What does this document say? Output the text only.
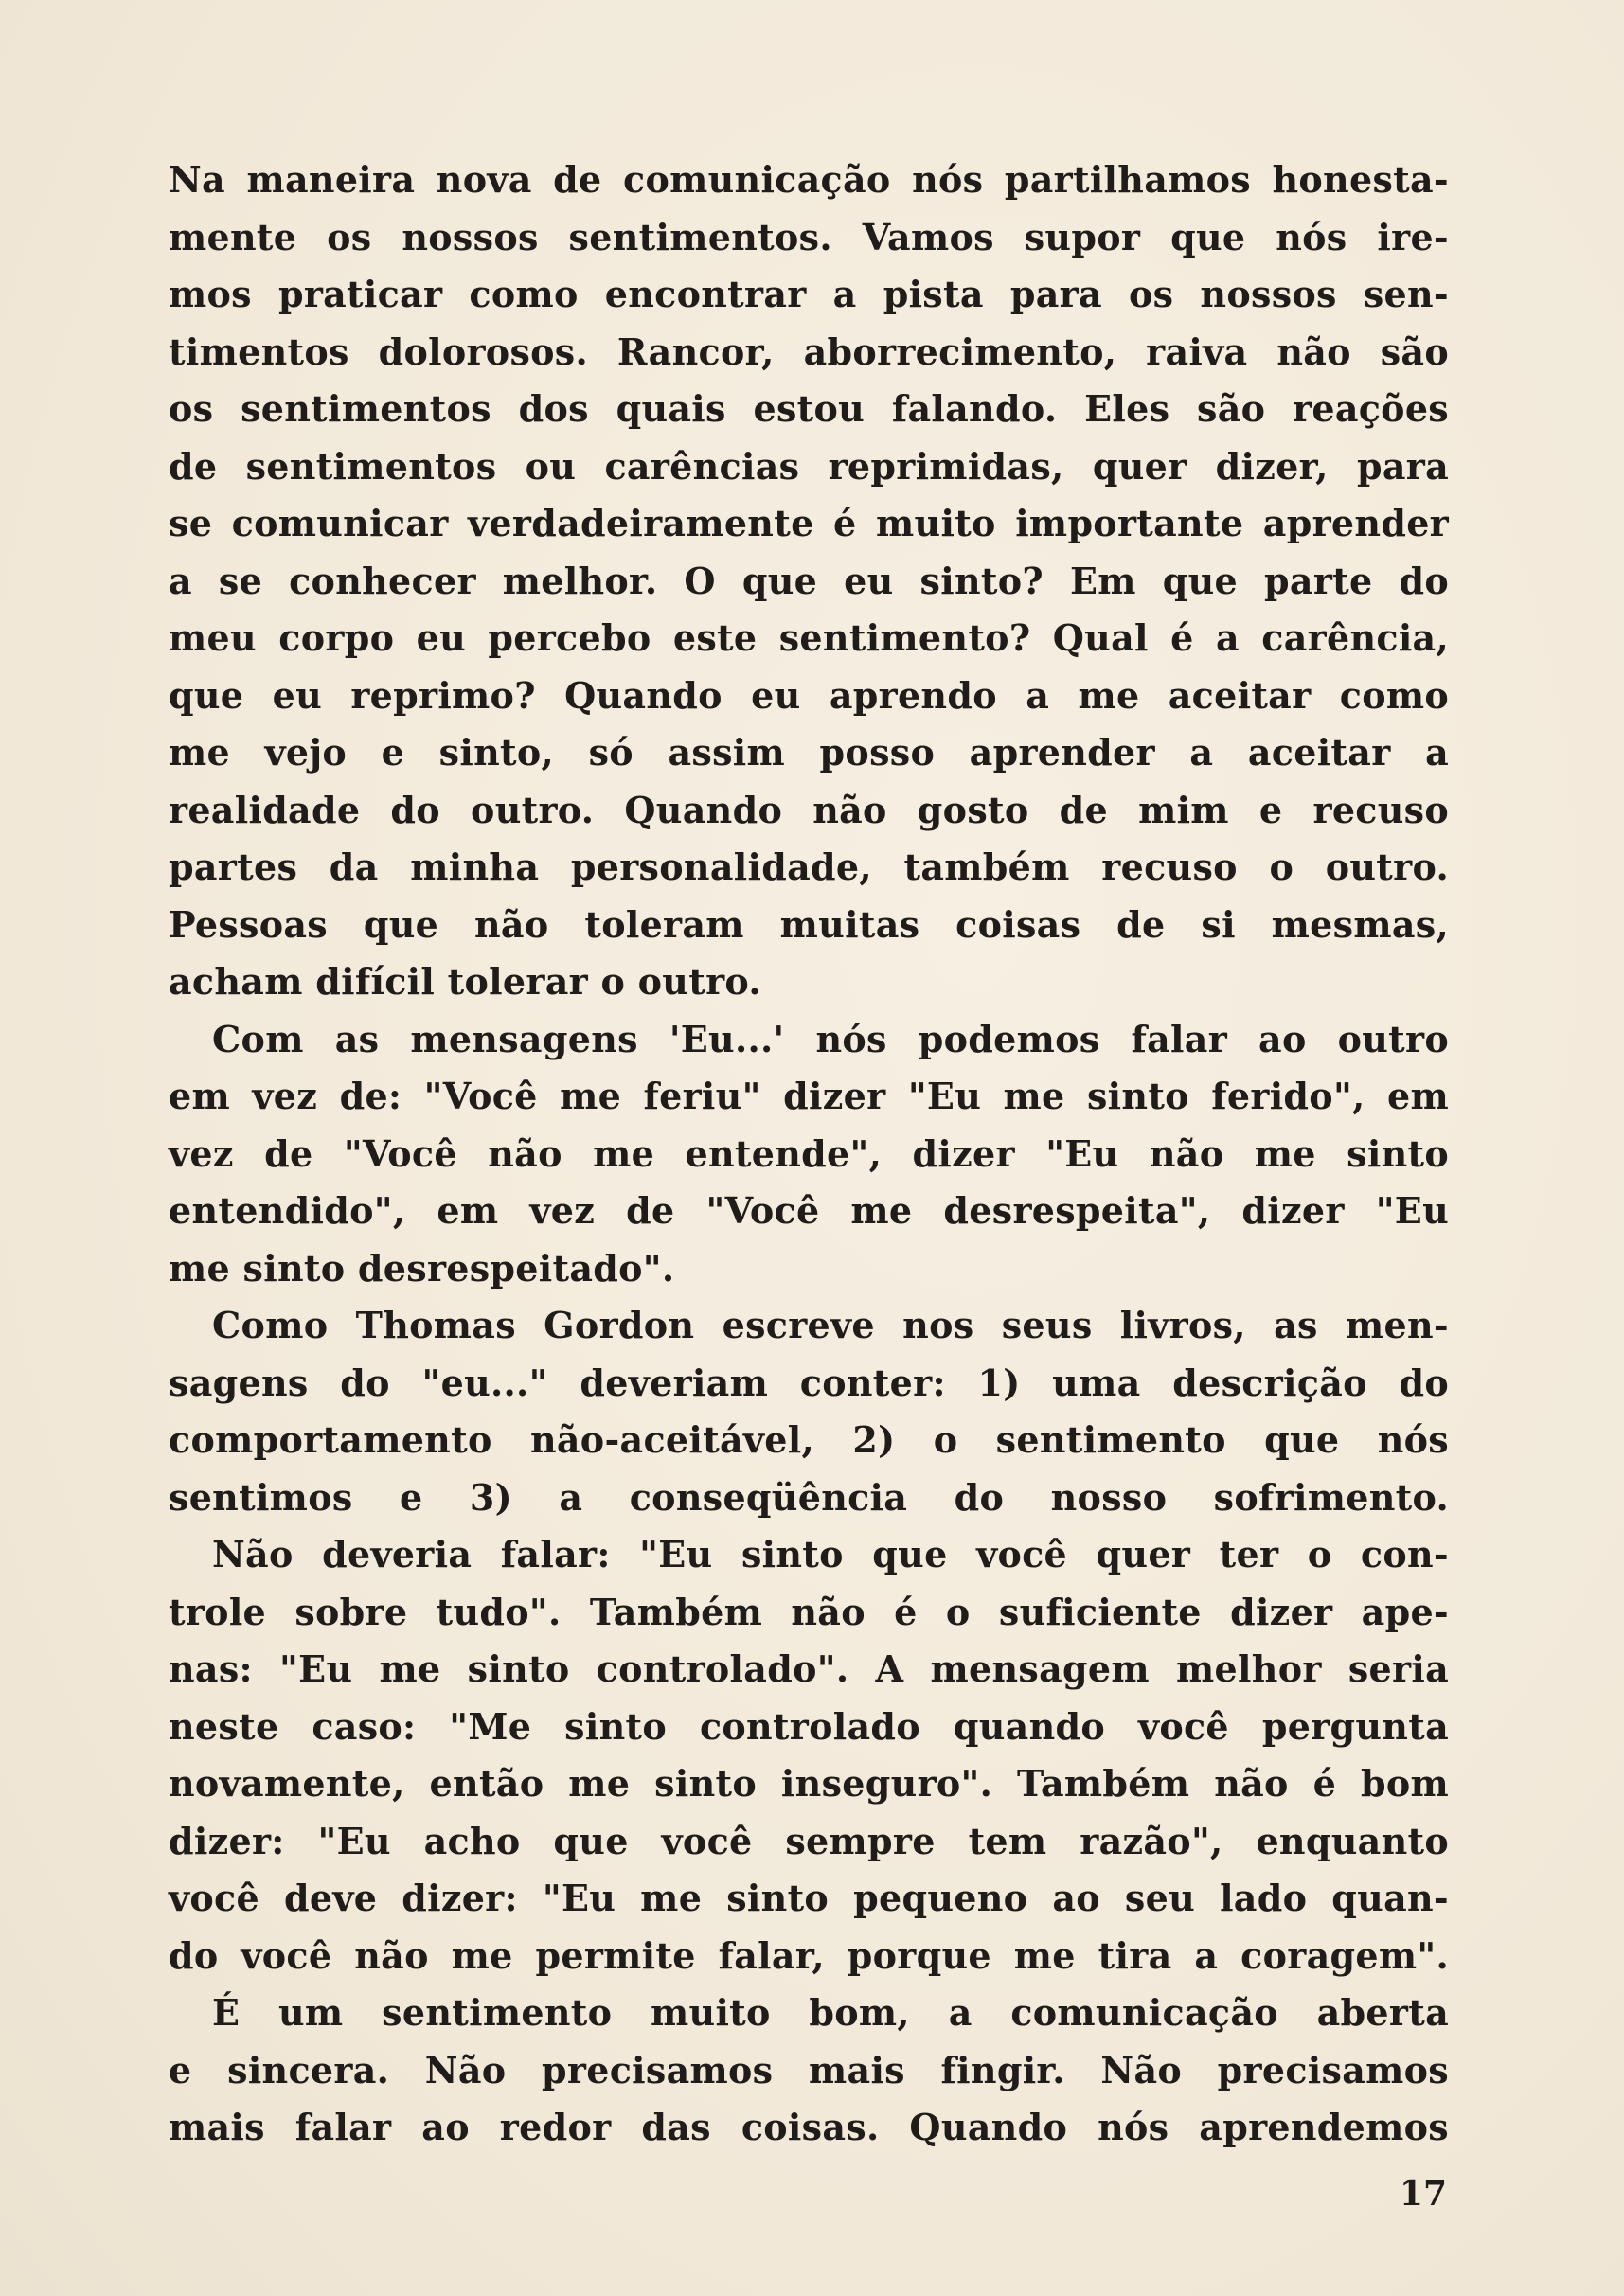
Na maneira nova de comunicação nós partilhamos honesta-
mente os nossos sentimentos. Vamos supor que nós ire-
mos praticar como encontrar a pista para os nossos sen-
timentos dolorosos. Rancor, aborrecimento, raiva não são
os sentimentos dos quais estou falando. Eles são reações
de sentimentos ou carências reprimidas, quer dizer, para
se comunicar verdadeiramente é muito importante aprender
a se conhecer melhor. O que eu sinto? Em que parte do
meu corpo eu percebo este sentimento? Qual é a carência,
que eu reprimo? Quando eu aprendo a me aceitar como
me vejo e sinto, só assim posso aprender a aceitar a
realidade do outro. Quando não gosto de mim e recuso
partes da minha personalidade, também recuso o outro.
Pessoas que não toleram muitas coisas de si mesmas,
acham difícil tolerar o outro.
Com as mensagens 'Eu...' nós podemos falar ao outro
em vez de: "Você me feriu" dizer "Eu me sinto ferido", em
vez de "Você não me entende", dizer "Eu não me sinto
entendido", em vez de "Você me desrespeita", dizer "Eu
me sinto desrespeitado".
Como Thomas Gordon escreve nos seus livros, as men-
sagens do "eu..." deveriam conter: 1) uma descrição do
comportamento não-aceitável, 2) o sentimento que nós
sentimos e 3) a conseqüência do nosso sofrimento.
Não deveria falar: "Eu sinto que você quer ter o con-
trole sobre tudo". Também não é o suficiente dizer ape-
nas: "Eu me sinto controlado". A mensagem melhor seria
neste caso: "Me sinto controlado quando você pergunta
novamente, então me sinto inseguro". Também não é bom
dizer: "Eu acho que você sempre tem razão", enquanto
você deve dizer: "Eu me sinto pequeno ao seu lado quan-
do você não me permite falar, porque me tira a coragem".
É um sentimento muito bom, a comunicação aberta
e sincera. Não precisamos mais fingir. Não precisamos
mais falar ao redor das coisas. Quando nós aprendemos
17
